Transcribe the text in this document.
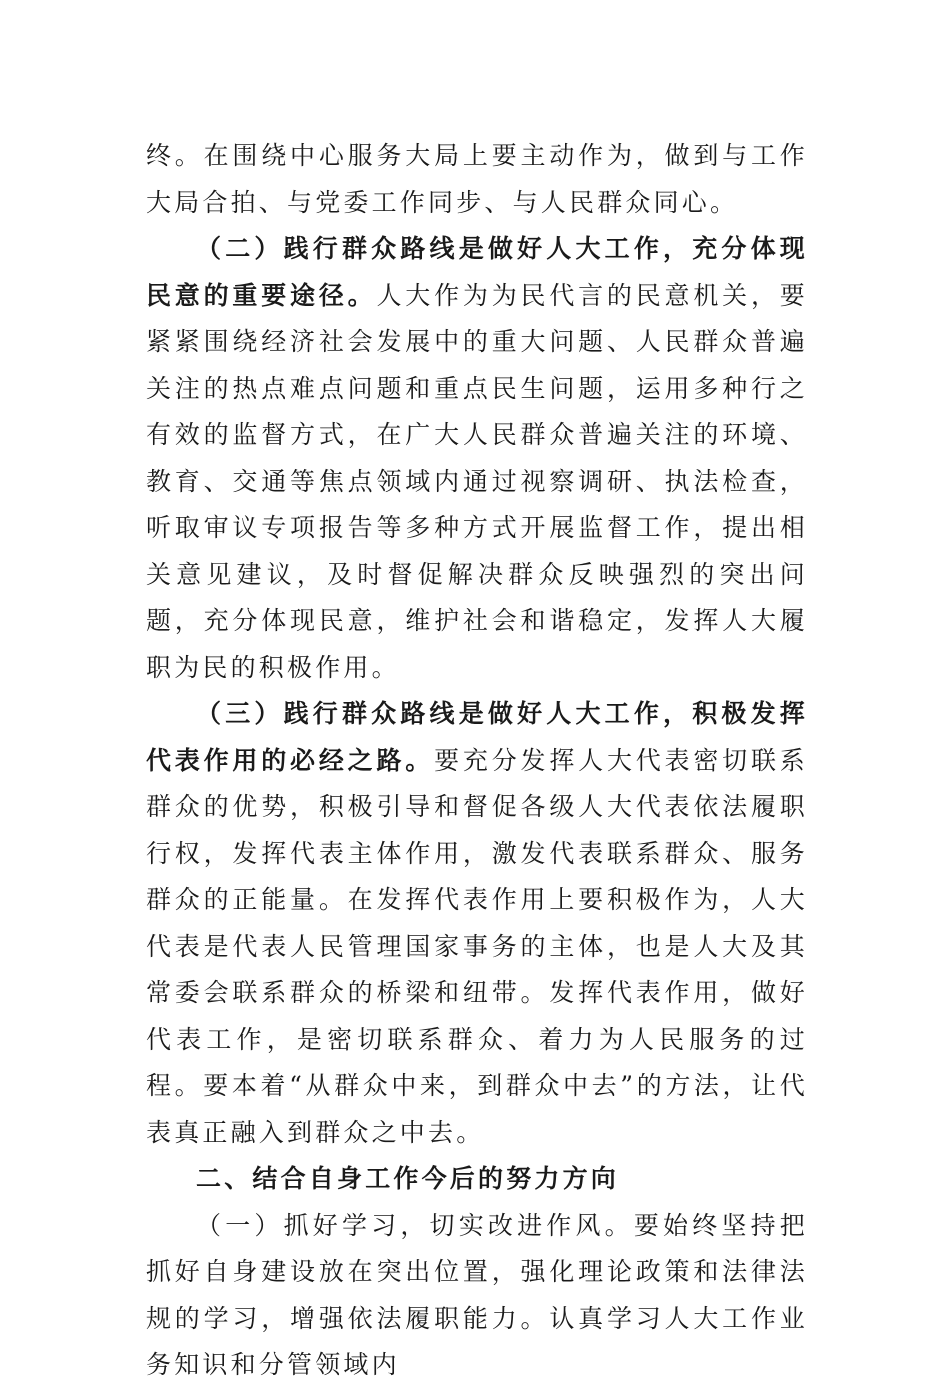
终。在围绕中心服务大局上要主动作为，做到与工作大局合拍、与党委工作同步、与人民群众同心。

（二）践行群众路线是做好人大工作，充分体现民意的重要途径。人大作为为民代言的民意机关，要紧紧围绕经济社会发展中的重大问题、人民群众普遍关注的热点难点问题和重点民生问题，运用多种行之有效的监督方式，在广大人民群众普遍关注的环境、教育、交通等焦点领域内通过视察调研、执法检查，听取审议专项报告等多种方式开展监督工作，提出相关意见建议，及时督促解决群众反映强烈的突出问题，充分体现民意，维护社会和谐稳定，发挥人大履职为民的积极作用。

（三）践行群众路线是做好人大工作，积极发挥代表作用的必经之路。要充分发挥人大代表密切联系群众的优势，积极引导和督促各级人大代表依法履职行权，发挥代表主体作用，激发代表联系群众、服务群众的正能量。在发挥代表作用上要积极作为，人大代表是代表人民管理国家事务的主体，也是人大及其常委会联系群众的桥梁和纽带。发挥代表作用，做好代表工作，是密切联系群众、着力为人民服务的过程。要本着“从群众中来，到群众中去”的方法，让代表真正融入到群众之中去。

二、结合自身工作今后的努力方向

（一）抓好学习，切实改进作风。要始终坚持把抓好自身建设放在突出位置，强化理论政策和法律法规的学习，增强依法履职能力。认真学习人大工作业务知识和分管领域内
